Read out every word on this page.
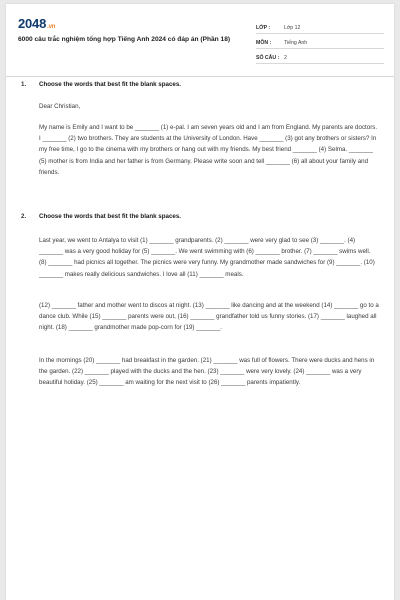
2048.vn
6000 câu trắc nghiệm tổng hợp Tiếng Anh 2024 có đáp án (Phần 18)
LỚP :	Lớp 12
MÔN :	Tiếng Anh
SỐ CÂU : 2
1. Choose the words that best fit the blank spaces.
Dear Christian,
My name is Emily and I want to be _______ (1) e-pal. I am seven years old and I am from England. My parents are doctors. I _______ (2) two brothers. They are students at the University of London. Have _______ (3) got any brothers or sisters? In my free time, I go to the cinema with my brothers or hang out with my friends. My best friend _______ (4) Selma. _______ (5) mother is from India and her father is from Germany. Please write soon and tell _______ (6) all about your family and friends.
2. Choose the words that best fit the blank spaces.
Last year, we went to Antalya to visit (1) _______ grandparents. (2) _______ were very glad to see (3) _______. (4) _______ was a very good holiday for (5) _______. We went swimming with (6) _______ brother. (7) _______ swims well. (8) _______ had picnics all together. The picnics were very funny. My grandmother made sandwiches for (9) _______. (10) _______ makes really delicious sandwiches. I love all (11) _______ meals.
(12) _______ father and mother went to discos at night. (13) _______ like dancing and at the weekend (14) _______ go to a dance club. While (15) _______ parents were out, (16) _______ grandfather told us funny stories. (17) _______ laughed all night. (18) _______ grandmother made pop-corn for (19) _______.
In the mornings (20) _______ had breakfast in the garden. (21) _______ was full of flowers. There were ducks and hens in the garden. (22) _______ played with the ducks and the hen. (23) _______ were very lovely. (24) _______ was a very beautiful holiday. (25) _______ am waiting for the next visit to (26) _______ parents impatiently.
